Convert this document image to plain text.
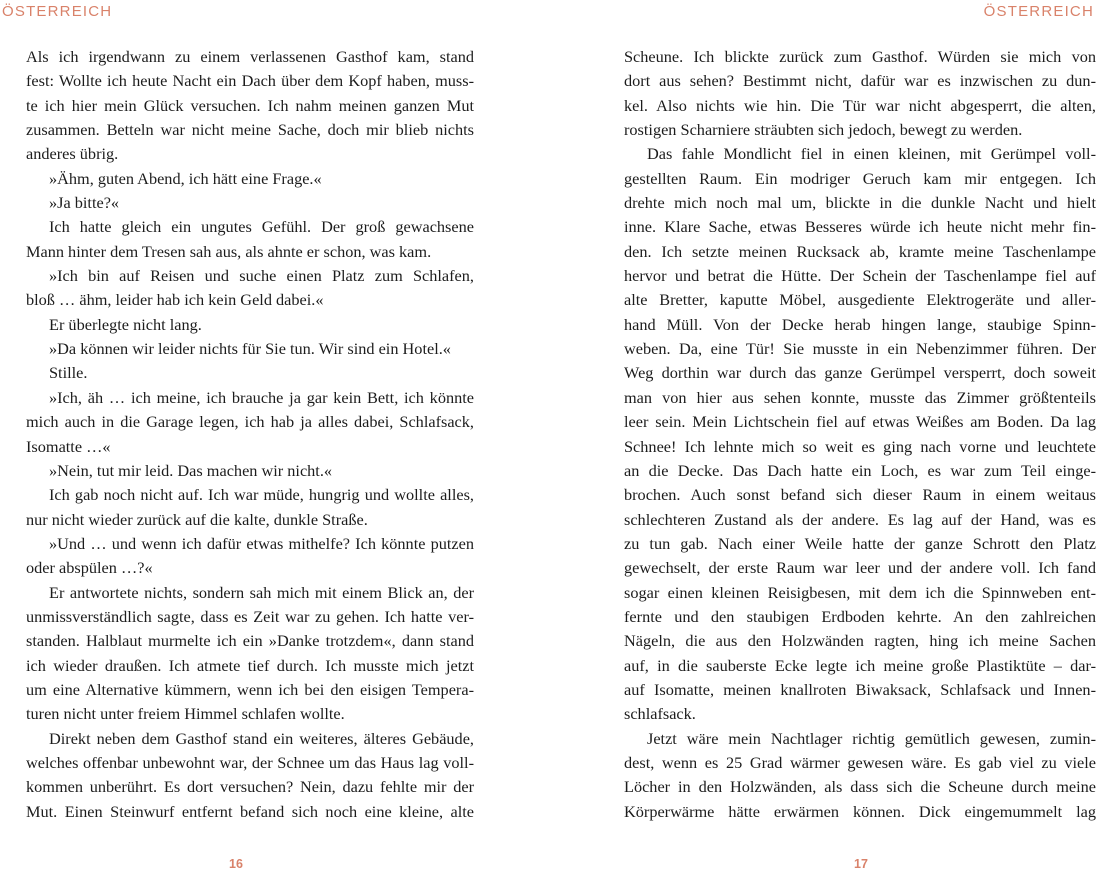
ÖSTERREICH	ÖSTERREICH
Als ich irgendwann zu einem verlassenen Gasthof kam, stand
fest: Wollte ich heute Nacht ein Dach über dem Kopf haben, muss-
te ich hier mein Glück versuchen. Ich nahm meinen ganzen Mut
zusammen. Betteln war nicht meine Sache, doch mir blieb nichts
anderes übrig.
»Ähm, guten Abend, ich hätt eine Frage.«
»Ja bitte?«
Ich hatte gleich ein ungutes Gefühl. Der groß gewachsene
Mann hinter dem Tresen sah aus, als ahnte er schon, was kam.
»Ich bin auf Reisen und suche einen Platz zum Schlafen,
bloß … ähm, leider hab ich kein Geld dabei.«
Er überlegte nicht lang.
»Da können wir leider nichts für Sie tun. Wir sind ein Hotel.«
Stille.
»Ich, äh … ich meine, ich brauche ja gar kein Bett, ich könnte
mich auch in die Garage legen, ich hab ja alles dabei, Schlafsack,
Isomatte …«
»Nein, tut mir leid. Das machen wir nicht.«
Ich gab noch nicht auf. Ich war müde, hungrig und wollte alles,
nur nicht wieder zurück auf die kalte, dunkle Straße.
»Und … und wenn ich dafür etwas mithelfe? Ich könnte putzen
oder abspülen …?«
Er antwortete nichts, sondern sah mich mit einem Blick an, der
unmissverständlich sagte, dass es Zeit war zu gehen. Ich hatte ver-
standen. Halblaut murmelte ich ein »Danke trotzdem«, dann stand
ich wieder draußen. Ich atmete tief durch. Ich musste mich jetzt
um eine Alternative kümmern, wenn ich bei den eisigen Tempera-
turen nicht unter freiem Himmel schlafen wollte.
Direkt neben dem Gasthof stand ein weiteres, älteres Gebäude,
welches offenbar unbewohnt war, der Schnee um das Haus lag voll-
kommen unberührt. Es dort versuchen? Nein, dazu fehlte mir der
Mut. Einen Steinwurf entfernt befand sich noch eine kleine, alte
Scheune. Ich blickte zurück zum Gasthof. Würden sie mich von
dort aus sehen? Bestimmt nicht, dafür war es inzwischen zu dun-
kel. Also nichts wie hin. Die Tür war nicht abgesperrt, die alten,
rostigen Scharniere sträubten sich jedoch, bewegt zu werden.
Das fahle Mondlicht fiel in einen kleinen, mit Gerümpel voll-
gestellten Raum. Ein modriger Geruch kam mir entgegen. Ich
drehte mich noch mal um, blickte in die dunkle Nacht und hielt
inne. Klare Sache, etwas Besseres würde ich heute nicht mehr fin-
den. Ich setzte meinen Rucksack ab, kramte meine Taschenlampe
hervor und betrat die Hütte. Der Schein der Taschenlampe fiel auf
alte Bretter, kaputte Möbel, ausgediente Elektrogeräte und aller-
hand Müll. Von der Decke herab hingen lange, staubige Spinn-
weben. Da, eine Tür! Sie musste in ein Nebenzimmer führen. Der
Weg dorthin war durch das ganze Gerümpel versperrt, doch soweit
man von hier aus sehen konnte, musste das Zimmer größtenteils
leer sein. Mein Lichtschein fiel auf etwas Weißes am Boden. Da lag
Schnee! Ich lehnte mich so weit es ging nach vorne und leuchtete
an die Decke. Das Dach hatte ein Loch, es war zum Teil einge-
brochen. Auch sonst befand sich dieser Raum in einem weitaus
schlechteren Zustand als der andere. Es lag auf der Hand, was es
zu tun gab. Nach einer Weile hatte der ganze Schrott den Platz
gewechselt, der erste Raum war leer und der andere voll. Ich fand
sogar einen kleinen Reisigbesen, mit dem ich die Spinnweben ent-
fernte und den staubigen Erdboden kehrte. An den zahlreichen
Nägeln, die aus den Holzwänden ragten, hing ich meine Sachen
auf, in die sauberste Ecke legte ich meine große Plastiktüte – dar-
auf Isomatte, meinen knallroten Biwaksack, Schlafsack und Innen-
schlafsack.
Jetzt wäre mein Nachtlager richtig gemütlich gewesen, zumin-
dest, wenn es 25 Grad wärmer gewesen wäre. Es gab viel zu viele
Löcher in den Holzwänden, als dass sich die Scheune durch meine
Körperwärme hätte erwärmen können. Dick eingemummelt lag
16	17
